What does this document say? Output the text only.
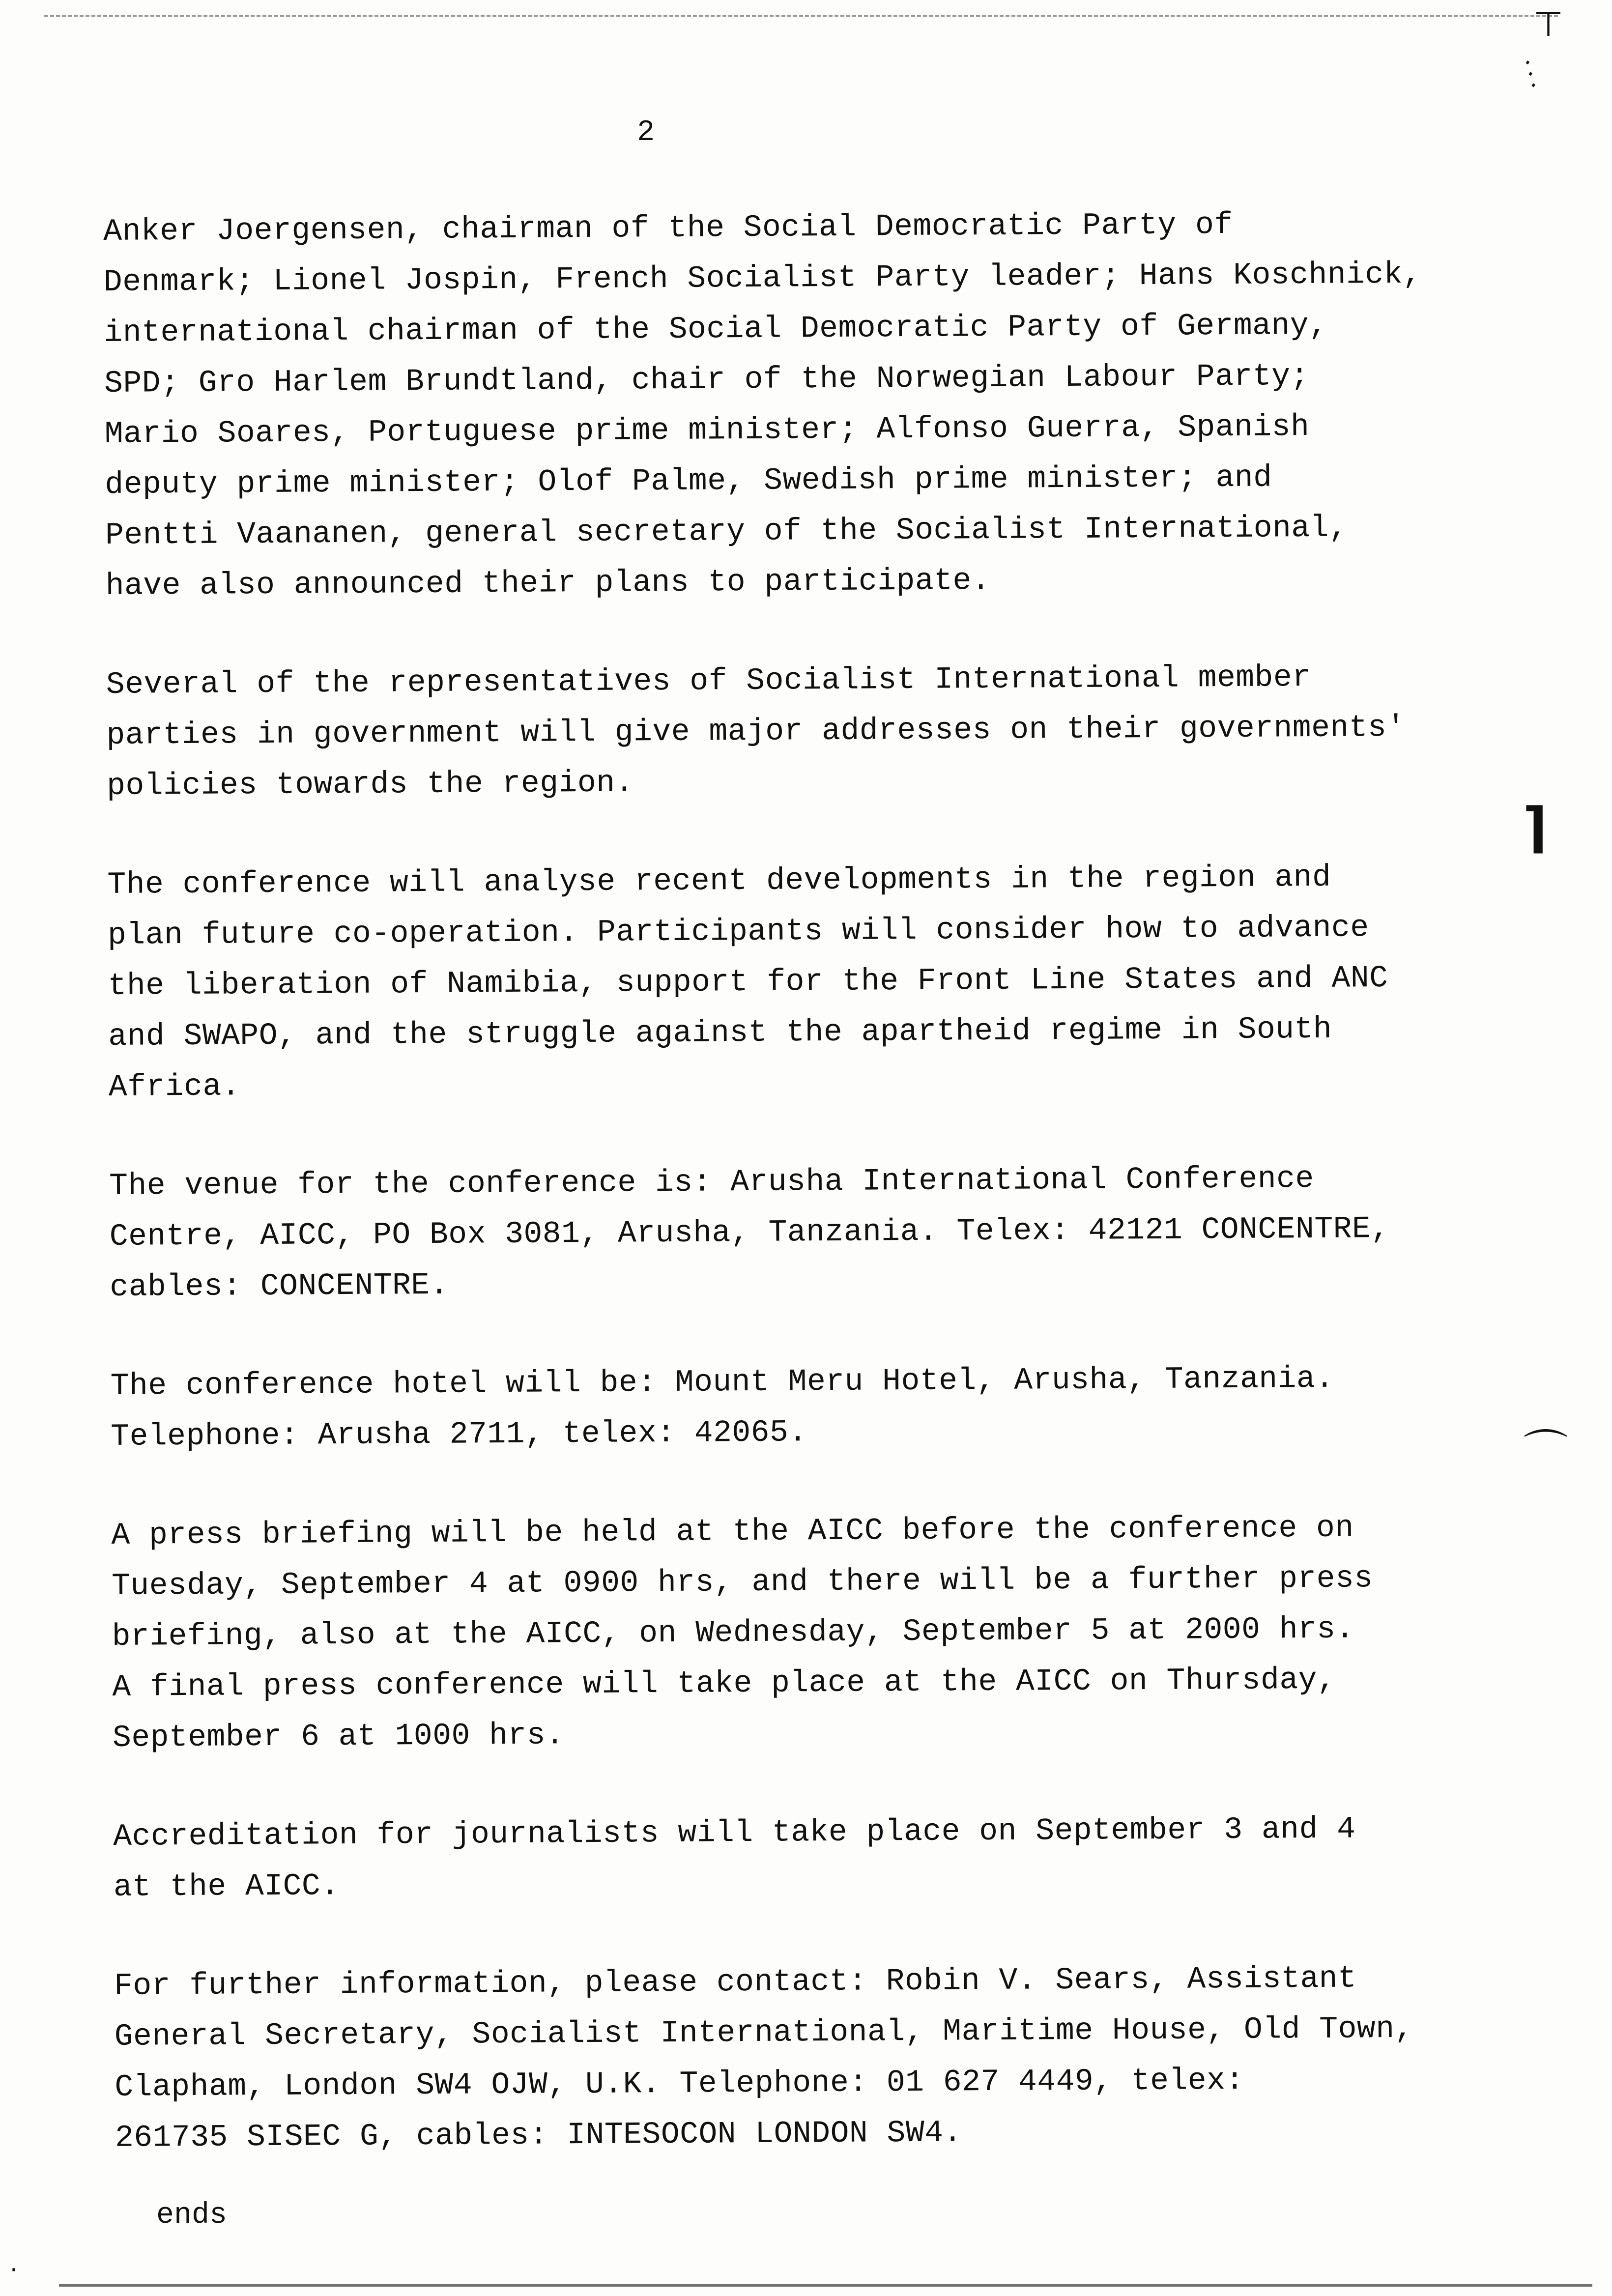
⊤
⋱
⌉
⌒
·
2
Anker Joergensen, chairman of the Social Democratic Party of
Denmark; Lionel Jospin, French Socialist Party leader; Hans Koschnick,
international chairman of the Social Democratic Party of Germany,
SPD; Gro Harlem Brundtland, chair of the Norwegian Labour Party;
Mario Soares, Portuguese prime minister; Alfonso Guerra, Spanish
deputy prime minister; Olof Palme, Swedish prime minister; and
Pentti Vaananen, general secretary of the Socialist International,
have also announced their plans to participate.
Several of the representatives of Socialist International member
parties in government will give major addresses on their governments'
policies towards the region.
The conference will analyse recent developments in the region and
plan future co-operation. Participants will consider how to advance
the liberation of Namibia, support for the Front Line States and ANC
and SWAPO, and the struggle against the apartheid regime in South
Africa.
The venue for the conference is: Arusha International Conference
Centre, AICC, PO Box 3081, Arusha, Tanzania. Telex: 42121 CONCENTRE,
cables: CONCENTRE.
The conference hotel will be: Mount Meru Hotel, Arusha, Tanzania.
Telephone: Arusha 2711, telex: 42065.
A press briefing will be held at the AICC before the conference on
Tuesday, September 4 at 0900 hrs, and there will be a further press
briefing, also at the AICC, on Wednesday, September 5 at 2000 hrs.
A final press conference will take place at the AICC on Thursday,
September 6 at 1000 hrs.
Accreditation for journalists will take place on September 3 and 4
at the AICC.
For further information, please contact: Robin V. Sears, Assistant
General Secretary, Socialist International, Maritime House, Old Town,
Clapham, London SW4 OJW, U.K. Telephone: 01 627 4449, telex:
261735 SISEC G, cables: INTESOCON LONDON SW4.
ends
